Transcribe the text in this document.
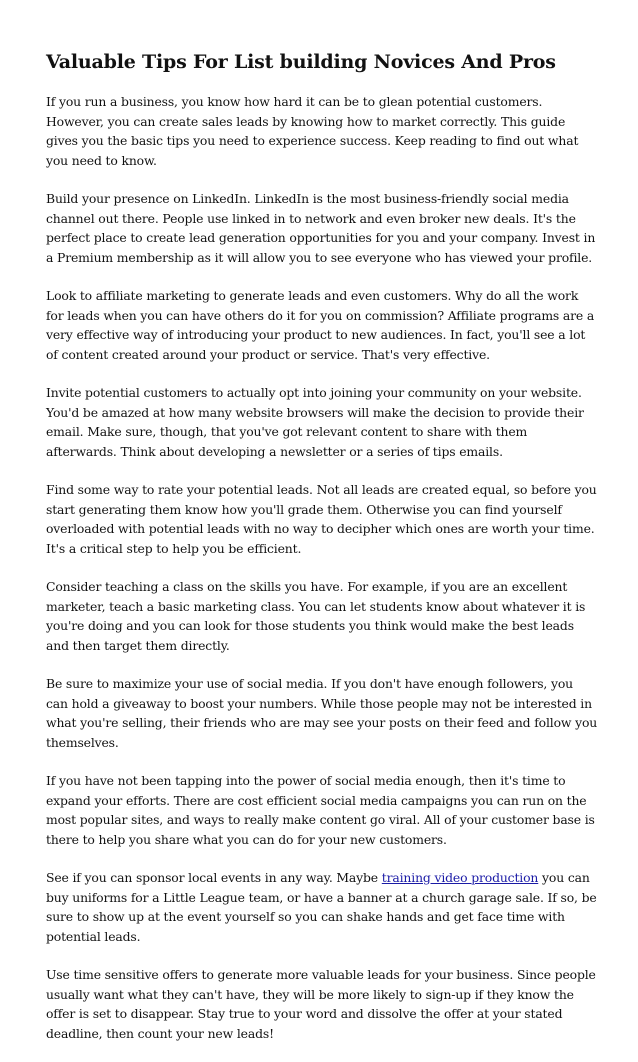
Valuable Tips For List building Novices And Pros

If you run a business, you know how hard it can be to glean potential customers. However, you can create sales leads by knowing how to market correctly. This guide gives you the basic tips you need to experience success. Keep reading to find out what you need to know.

Build your presence on LinkedIn. LinkedIn is the most business-friendly social media channel out there. People use linked in to network and even broker new deals. It's the perfect place to create lead generation opportunities for you and your company. Invest in a Premium membership as it will allow you to see everyone who has viewed your profile.

Look to affiliate marketing to generate leads and even customers. Why do all the work for leads when you can have others do it for you on commission? Affiliate programs are a very effective way of introducing your product to new audiences. In fact, you'll see a lot of content created around your product or service. That's very effective.

Invite potential customers to actually opt into joining your community on your website. You'd be amazed at how many website browsers will make the decision to provide their email. Make sure, though, that you've got relevant content to share with them afterwards. Think about developing a newsletter or a series of tips emails.

Find some way to rate your potential leads. Not all leads are created equal, so before you start generating them know how you'll grade them. Otherwise you can find yourself overloaded with potential leads with no way to decipher which ones are worth your time. It's a critical step to help you be efficient.

Consider teaching a class on the skills you have. For example, if you are an excellent marketer, teach a basic marketing class. You can let students know about whatever it is you're doing and you can look for those students you think would make the best leads and then target them directly.

Be sure to maximize your use of social media. If you don't have enough followers, you can hold a giveaway to boost your numbers. While those people may not be interested in what you're selling, their friends who are may see your posts on their feed and follow you themselves.

If you have not been tapping into the power of social media enough, then it's time to expand your efforts. There are cost efficient social media campaigns you can run on the most popular sites, and ways to really make content go viral. All of your customer base is there to help you share what you can do for your new customers.

See if you can sponsor local events in any way. Maybe training video production you can buy uniforms for a Little League team, or have a banner at a church garage sale. If so, be sure to show up at the event yourself so you can shake hands and get face time with potential leads.

Use time sensitive offers to generate more valuable leads for your business. Since people usually want what they can't have, they will be more likely to sign-up if they know the offer is set to disappear. Stay true to your word and dissolve the offer at your stated deadline, then count your new leads!
